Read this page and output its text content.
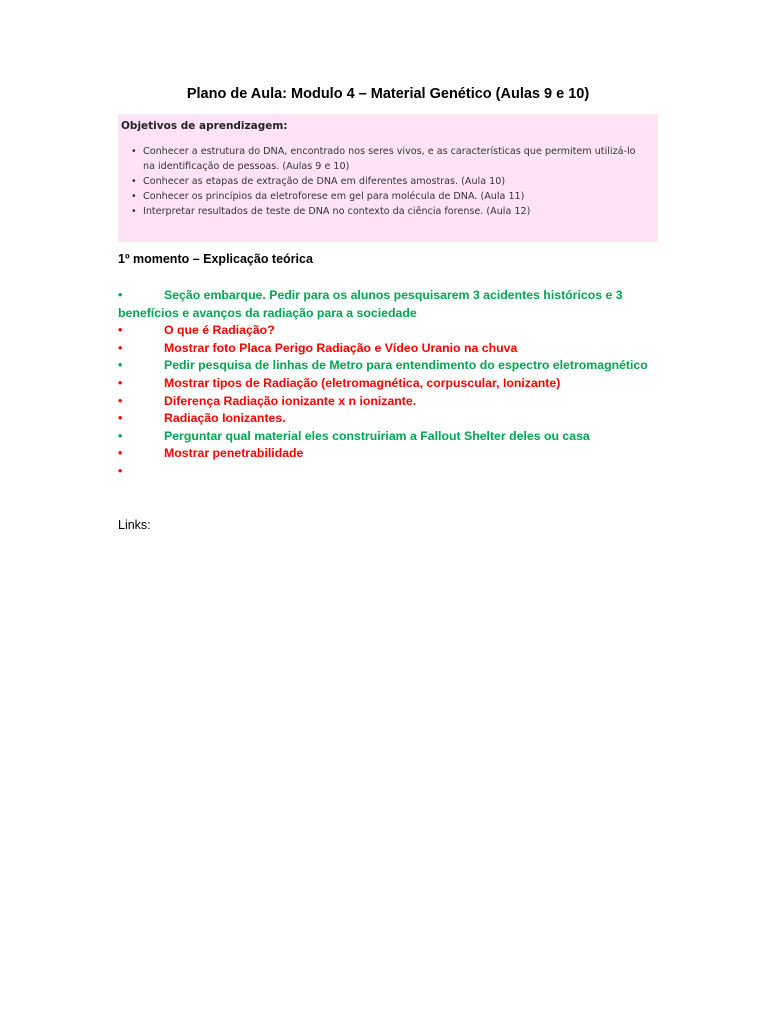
Plano de Aula: Modulo 4 – Material Genético (Aulas 9 e 10)
Objetivos de aprendizagem:
• Conhecer a estrutura do DNA, encontrado nos seres vivos, e as características que permitem utilizá-lo na identificação de pessoas. (Aulas 9 e 10)
• Conhecer as etapas de extração de DNA em diferentes amostras. (Aula 10)
• Conhecer os princípios da eletroforese em gel para molécula de DNA. (Aula 11)
• Interpretar resultados de teste de DNA no contexto da ciência forense. (Aula 12)
1º momento – Explicação teórica
•	Seção embarque. Pedir para os alunos pesquisarem 3 acidentes históricos e 3 benefícios e avanços da radiação para a sociedade
•	O que é Radiação?
•	Mostrar foto Placa Perigo Radiação e Vídeo Uranio na chuva
•	Pedir pesquisa de linhas de Metro para entendimento do espectro eletromagnético
•	Mostrar tipos de Radiação (eletromagnética, corpuscular, Ionizante)
•	Diferença Radiação ionizante x n ionizante.
•	Radiação Ionizantes.
•	Perguntar qual material eles construiriam a Fallout Shelter deles ou casa
•	Mostrar penetrabilidade
•
Links:
